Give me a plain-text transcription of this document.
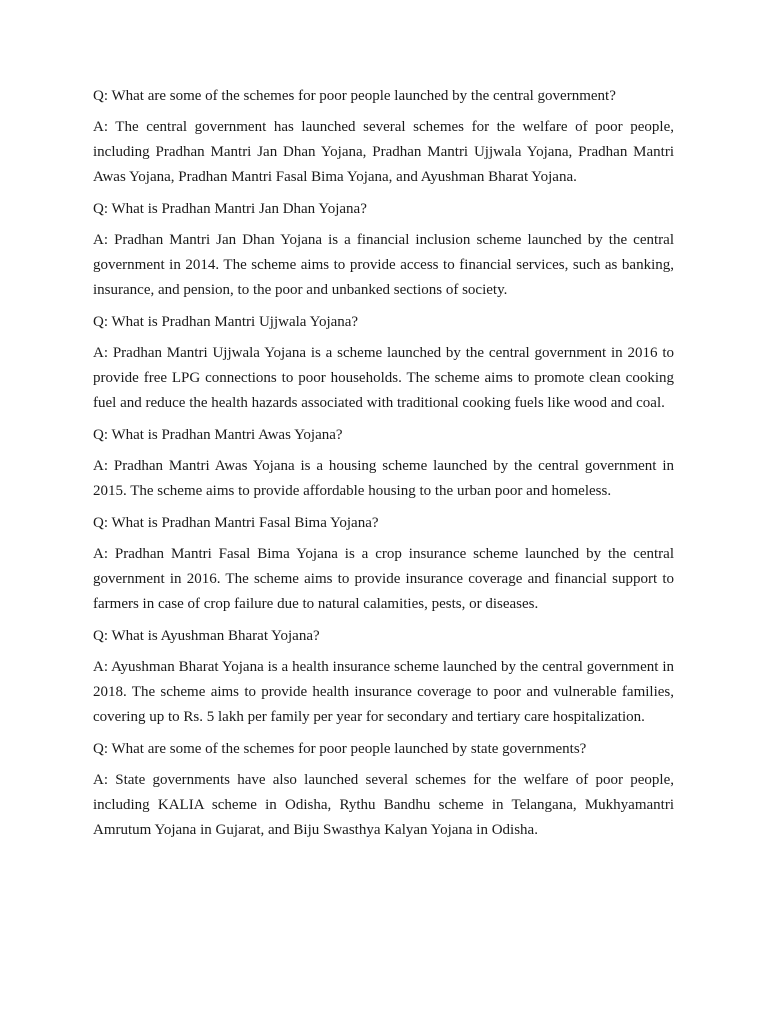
Q: What are some of the schemes for poor people launched by the central government?

A: The central government has launched several schemes for the welfare of poor people, including Pradhan Mantri Jan Dhan Yojana, Pradhan Mantri Ujjwala Yojana, Pradhan Mantri Awas Yojana, Pradhan Mantri Fasal Bima Yojana, and Ayushman Bharat Yojana.

Q: What is Pradhan Mantri Jan Dhan Yojana?

A: Pradhan Mantri Jan Dhan Yojana is a financial inclusion scheme launched by the central government in 2014. The scheme aims to provide access to financial services, such as banking, insurance, and pension, to the poor and unbanked sections of society.

Q: What is Pradhan Mantri Ujjwala Yojana?

A: Pradhan Mantri Ujjwala Yojana is a scheme launched by the central government in 2016 to provide free LPG connections to poor households. The scheme aims to promote clean cooking fuel and reduce the health hazards associated with traditional cooking fuels like wood and coal.

Q: What is Pradhan Mantri Awas Yojana?

A: Pradhan Mantri Awas Yojana is a housing scheme launched by the central government in 2015. The scheme aims to provide affordable housing to the urban poor and homeless.

Q: What is Pradhan Mantri Fasal Bima Yojana?

A: Pradhan Mantri Fasal Bima Yojana is a crop insurance scheme launched by the central government in 2016. The scheme aims to provide insurance coverage and financial support to farmers in case of crop failure due to natural calamities, pests, or diseases.

Q: What is Ayushman Bharat Yojana?

A: Ayushman Bharat Yojana is a health insurance scheme launched by the central government in 2018. The scheme aims to provide health insurance coverage to poor and vulnerable families, covering up to Rs. 5 lakh per family per year for secondary and tertiary care hospitalization.

Q: What are some of the schemes for poor people launched by state governments?

A: State governments have also launched several schemes for the welfare of poor people, including KALIA scheme in Odisha, Rythu Bandhu scheme in Telangana, Mukhyamantri Amrutum Yojana in Gujarat, and Biju Swasthya Kalyan Yojana in Odisha.
